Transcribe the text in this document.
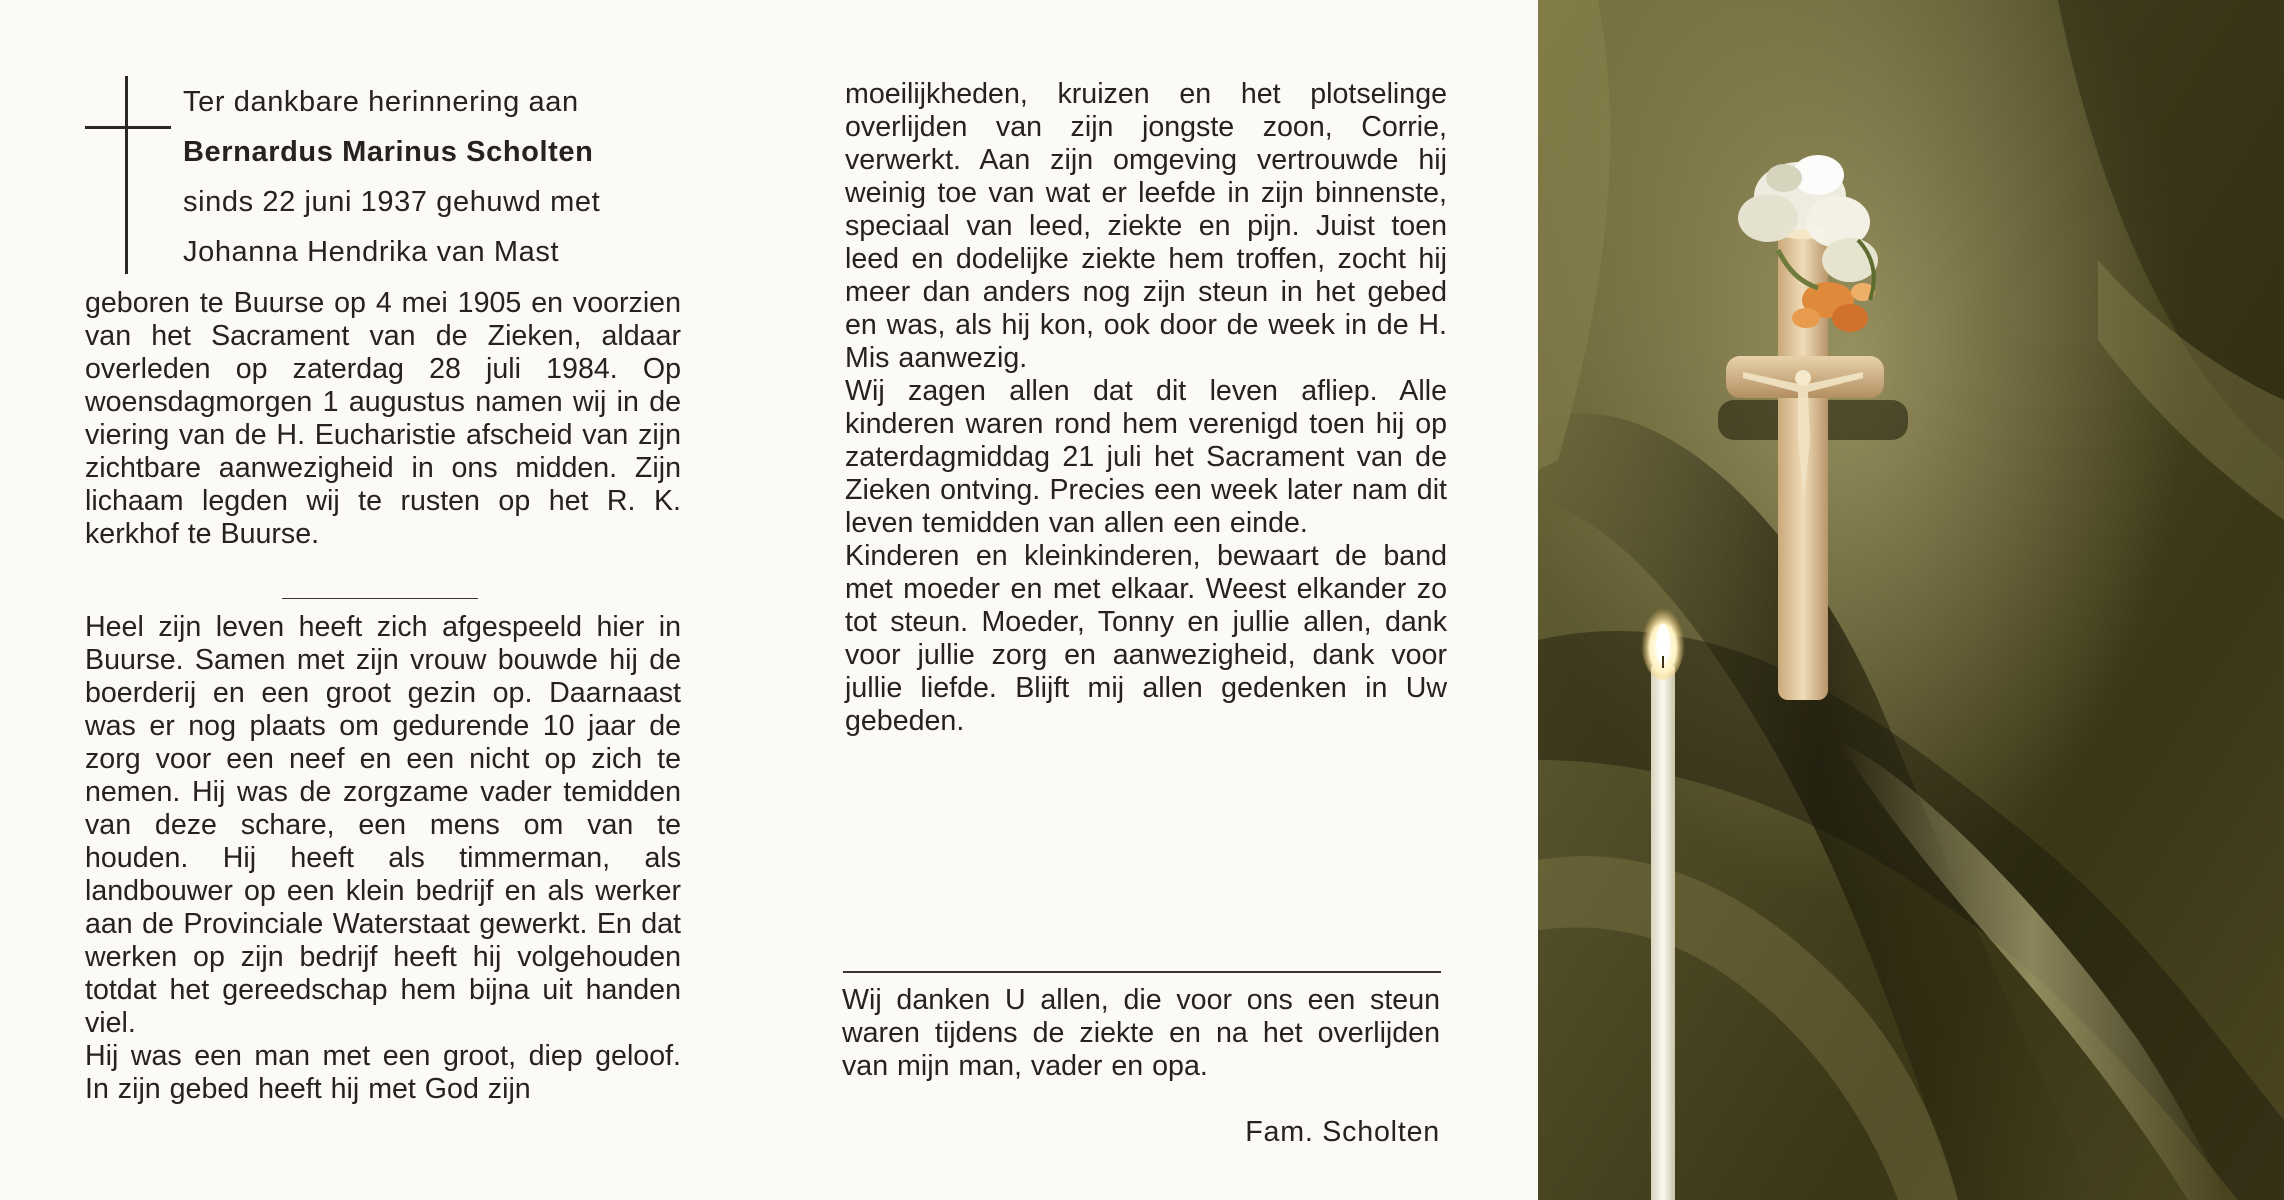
Ter dankbare herinnering aan
Bernardus Marinus Scholten
sinds 22 juni 1937 gehuwd met
Johanna Hendrika van Mast

geboren te Buurse op 4 mei 1905 en voorzien van het Sacrament van de Zieken, aldaar overleden op zaterdag 28 juli 1984. Op woensdagmorgen 1 augustus namen wij in de viering van de H. Eucharistie afscheid van zijn zichtbare aanwezigheid in ons midden. Zijn lichaam legden wij te rusten op het R. K. kerkhof te Buurse.

Heel zijn leven heeft zich afgespeeld hier in Buurse. Samen met zijn vrouw bouwde hij de boerderij en een groot gezin op. Daarnaast was er nog plaats om gedurende 10 jaar de zorg voor een neef en een nicht op zich te nemen. Hij was de zorgzame vader temidden van deze schare, een mens om van te houden. Hij heeft als timmerman, als landbouwer op een klein bedrijf en als werker aan de Provinciale Waterstaat gewerkt. En dat werken op zijn bedrijf heeft hij volgehouden totdat het gereedschap hem bijna uit handen viel.

Hij was een man met een groot, diep geloof. In zijn gebed heeft hij met God zijn

moeilijkheden, kruizen en het plotselinge overlijden van zijn jongste zoon, Corrie, verwerkt. Aan zijn omgeving vertrouwde hij weinig toe van wat er leefde in zijn binnenste, speciaal van leed, ziekte en pijn. Juist toen leed en dodelijke ziekte hem troffen, zocht hij meer dan anders nog zijn steun in het gebed en was, als hij kon, ook door de week in de H. Mis aanwezig.

Wij zagen allen dat dit leven afliep. Alle kinderen waren rond hem verenigd toen hij op zaterdagmiddag 21 juli het Sacrament van de Zieken ontving. Precies een week later nam dit leven temidden van allen een einde.

Kinderen en kleinkinderen, bewaart de band met moeder en met elkaar. Weest elkander zo tot steun. Moeder, Tonny en jullie allen, dank voor jullie zorg en aanwezigheid, dank voor jullie liefde. Blijft mij allen gedenken in Uw gebeden.

Wij danken U allen, die voor ons een steun waren tijdens de ziekte en na het overlijden van mijn man, vader en opa.

Fam. Scholten
